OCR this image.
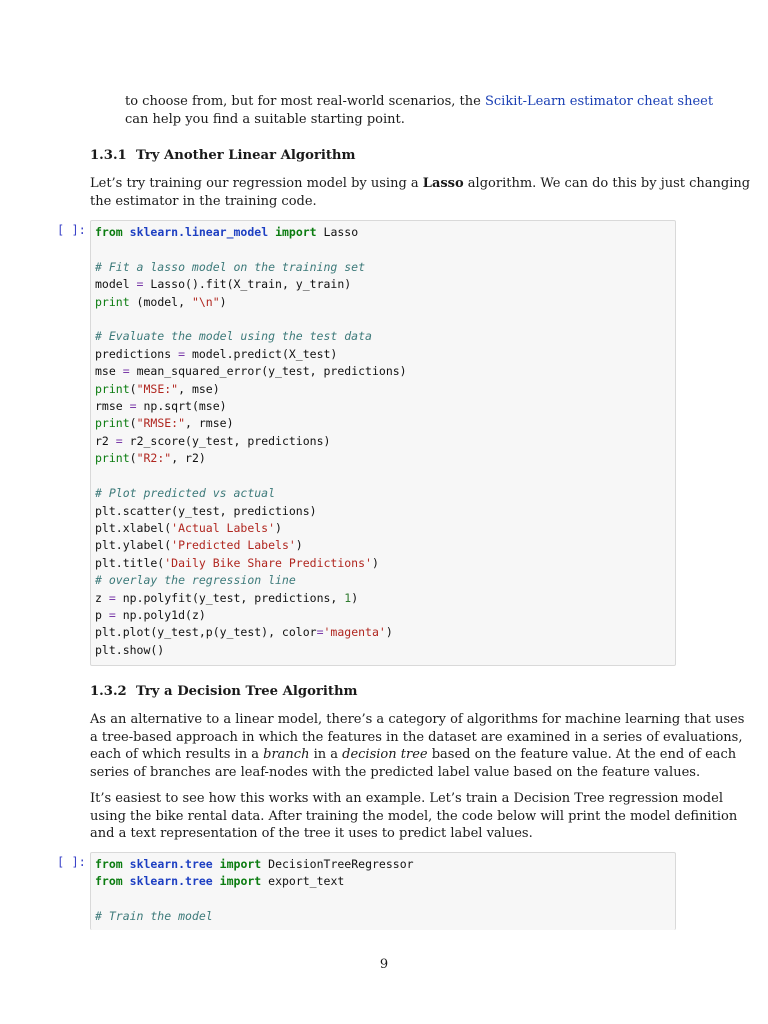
to choose from, but for most real-world scenarios, the Scikit-Learn estimator cheat sheet
can help you find a suitable starting point.
1.3.1 Try Another Linear Algorithm
Let’s try training our regression model by using a Lasso algorithm. We can do this by just changing
the estimator in the training code.
[ ]: from sklearn.linear_model import Lasso

# Fit a lasso model on the training set
model = Lasso().fit(X_train, y_train)
print (model, "\n")

# Evaluate the model using the test data
predictions = model.predict(X_test)
mse = mean_squared_error(y_test, predictions)
print("MSE:", mse)
rmse = np.sqrt(mse)
print("RMSE:", rmse)
r2 = r2_score(y_test, predictions)
print("R2:", r2)

# Plot predicted vs actual
plt.scatter(y_test, predictions)
plt.xlabel('Actual Labels')
plt.ylabel('Predicted Labels')
plt.title('Daily Bike Share Predictions')
# overlay the regression line
z = np.polyfit(y_test, predictions, 1)
p = np.poly1d(z)
plt.plot(y_test,p(y_test), color='magenta')
plt.show()
1.3.2 Try a Decision Tree Algorithm
As an alternative to a linear model, there’s a category of algorithms for machine learning that uses
a tree-based approach in which the features in the dataset are examined in a series of evaluations,
each of which results in a branch in a decision tree based on the feature value. At the end of each
series of branches are leaf-nodes with the predicted label value based on the feature values.
It’s easiest to see how this works with an example. Let’s train a Decision Tree regression model
using the bike rental data. After training the model, the code below will print the model definition
and a text representation of the tree it uses to predict label values.
[ ]: from sklearn.tree import DecisionTreeRegressor
from sklearn.tree import export_text

# Train the model
9
